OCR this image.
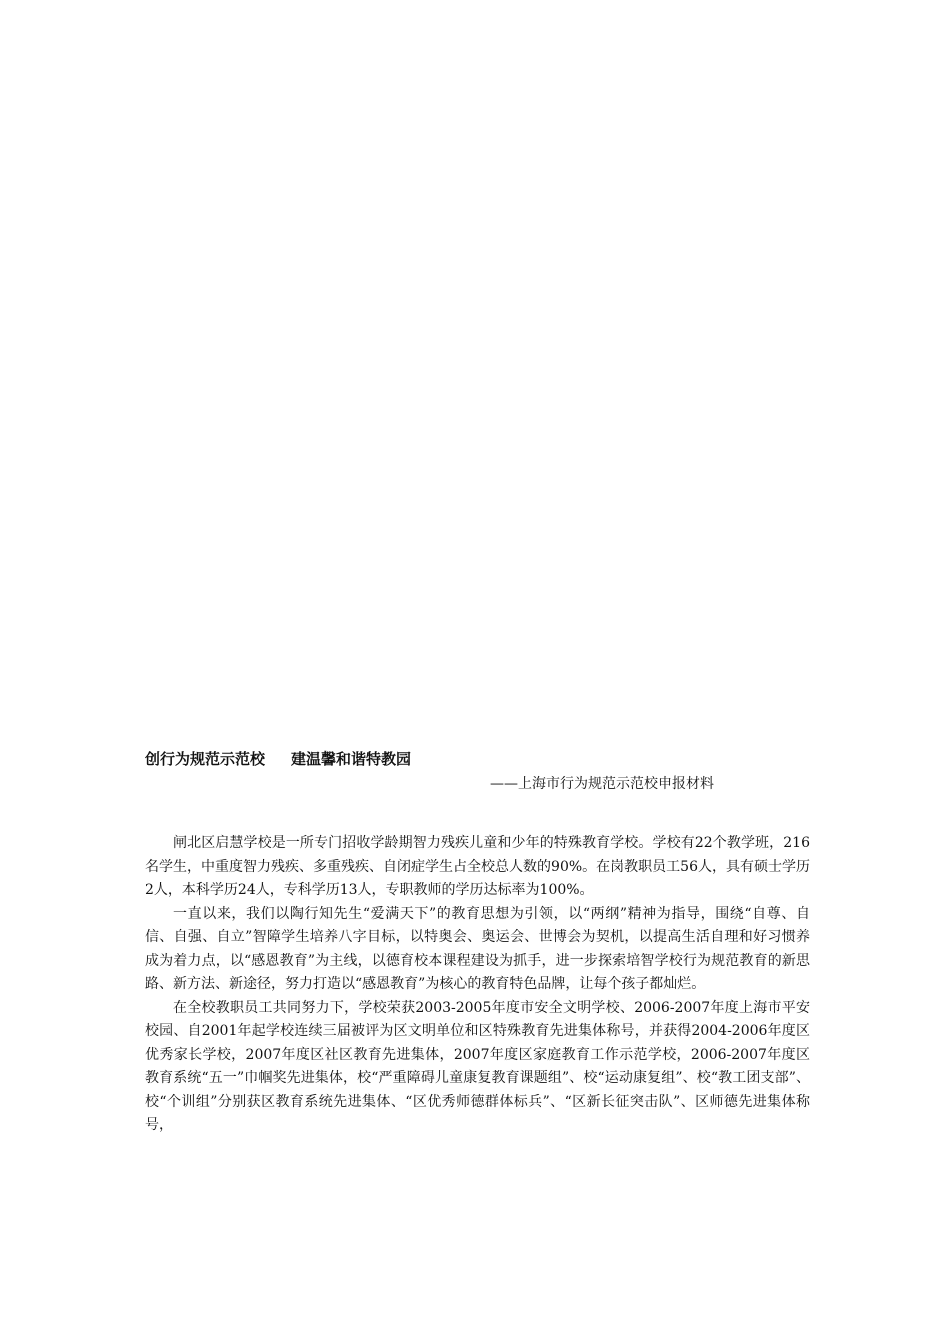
创行为规范示范校 建温馨和谐特教园
——上海市行为规范示范校申报材料

闸北区启慧学校是一所专门招收学龄期智力残疾儿童和少年的特殊教育学校。学校有22个教学班，216名学生，中重度智力残疾、多重残疾、自闭症学生占全校总人数的90%。在岗教职员工56人，具有硕士学历2人，本科学历24人，专科学历13人，专职教师的学历达标率为100%。

一直以来，我们以陶行知先生“爱满天下”的教育思想为引领，以“两纲”精神为指导，围绕“自尊、自信、自强、自立”智障学生培养八字目标，以特奥会、奥运会、世博会为契机，以提高生活自理和好习惯养成为着力点，以“感恩教育”为主线，以德育校本课程建设为抓手，进一步探索培智学校行为规范教育的新思路、新方法、新途径，努力打造以“感恩教育”为核心的教育特色品牌，让每个孩子都灿烂。

在全校教职员工共同努力下，学校荣获2003-2005年度市安全文明学校、2006-2007年度上海市平安校园、自2001年起学校连续三届被评为区文明单位和区特殊教育先进集体称号，并获得2004-2006年度区优秀家长学校，2007年度区社区教育先进集体，2007年度区家庭教育工作示范学校，2006-2007年度区教育系统“五一”巾帼奖先进集体，校“严重障碍儿童康复教育课题组”、校“运动康复组”、校“教工团支部”、校“个训组”分别获区教育系统先进集体、“区优秀师德群体标兵”、“区新长征突击队”、区师德先进集体称号，
